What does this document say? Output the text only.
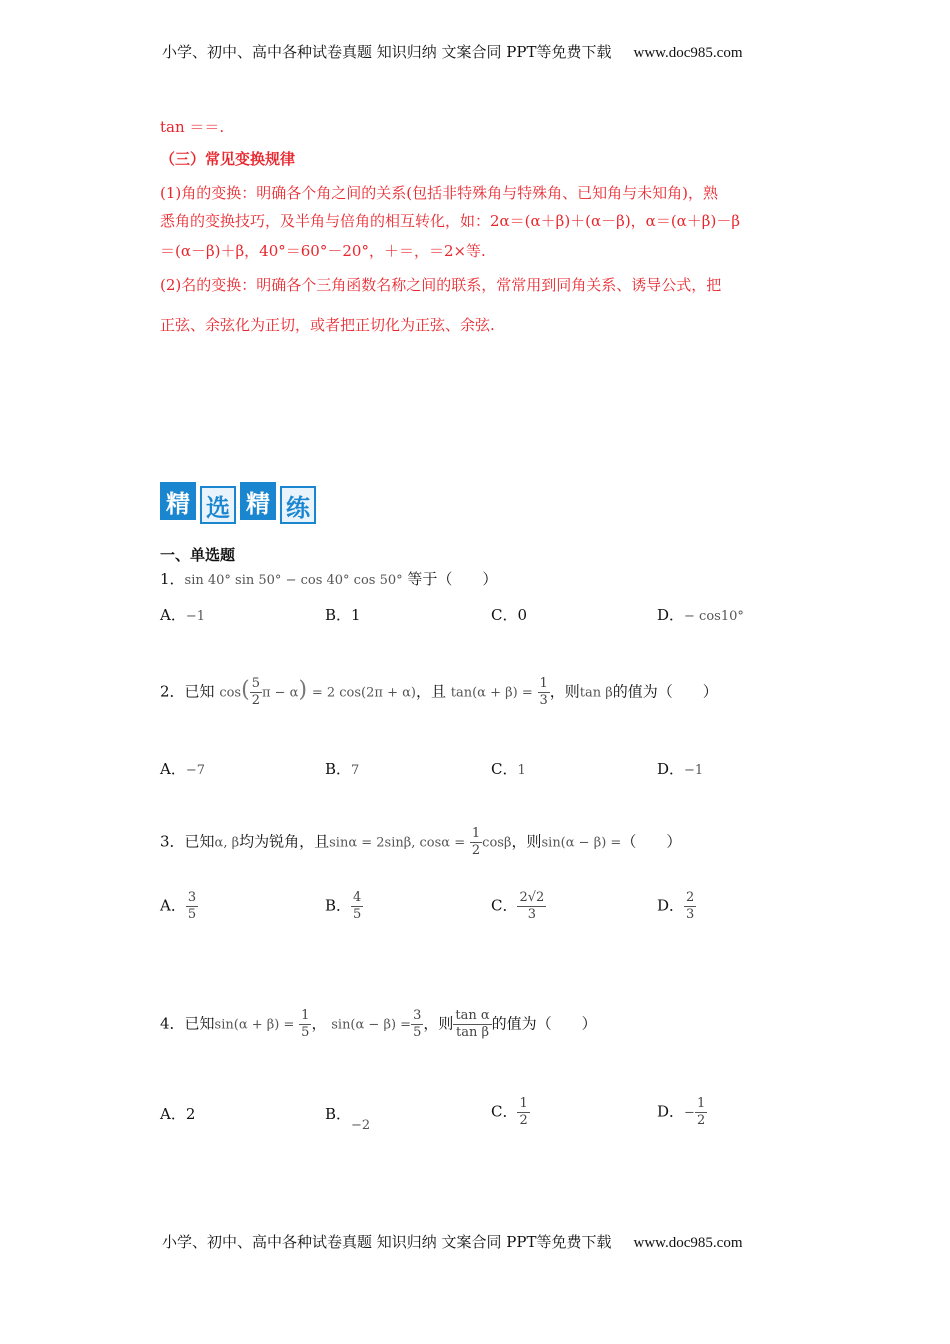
小学、初中、高中各种试卷真题 知识归纳 文案合同 PPT等免费下载 www.doc985.com
tan ＝＝.
（三）常见变换规律
(1)角的变换：明确各个角之间的关系(包括非特殊角与特殊角、已知角与未知角)，熟
悉角的变换技巧，及半角与倍角的相互转化，如：2α＝(α＋β)＋(α－β)，α＝(α＋β)－β
＝(α－β)＋β，40°＝60°－20°，＋＝，＝2×等.
(2)名的变换：明确各个三角函数名称之间的联系，常常用到同角关系、诱导公式，把
正弦、余弦化为正切，或者把正切化为正弦、余弦.
精 选 精 练
一、单选题
1．sin 40° sin 50° − cos 40° cos 50° 等于（　　）
A．−1	B．1	C．0	D．− cos10°
2．已知 $\cos( \frac{5}{2}$ π − α) = 2 cos(2π + α)，且 $\tan(\alpha + \beta) = \frac{1}{3}$ ，则tan β的值为（　　）
A．−7	B．7	C．1	D．−1
3．已知α, β均为锐角，且sinα = 2sinβ, $\cos\alpha = \frac{1}{2}$ cosβ，则sin(α − β) =（　　）
A． $\frac{3}{5}$	B． $\frac{4}{5}$	C． $\frac{2√2}{3}$	D． $\frac{2}{3}$
4．已知$\sin(\alpha + \beta) = \frac{1}{5}$ ， $\sin(\alpha - \beta) = \frac{3}{5}$ ，则 $\frac{\text{tan α}}{\text{tan β}}$ 的值为（　　）
A．2	B．−2
C． $\frac{1}{2}$	D．− $\frac{1}{2}$
小学、初中、高中各种试卷真题 知识归纳 文案合同 PPT等免费下载 www.doc985.com
